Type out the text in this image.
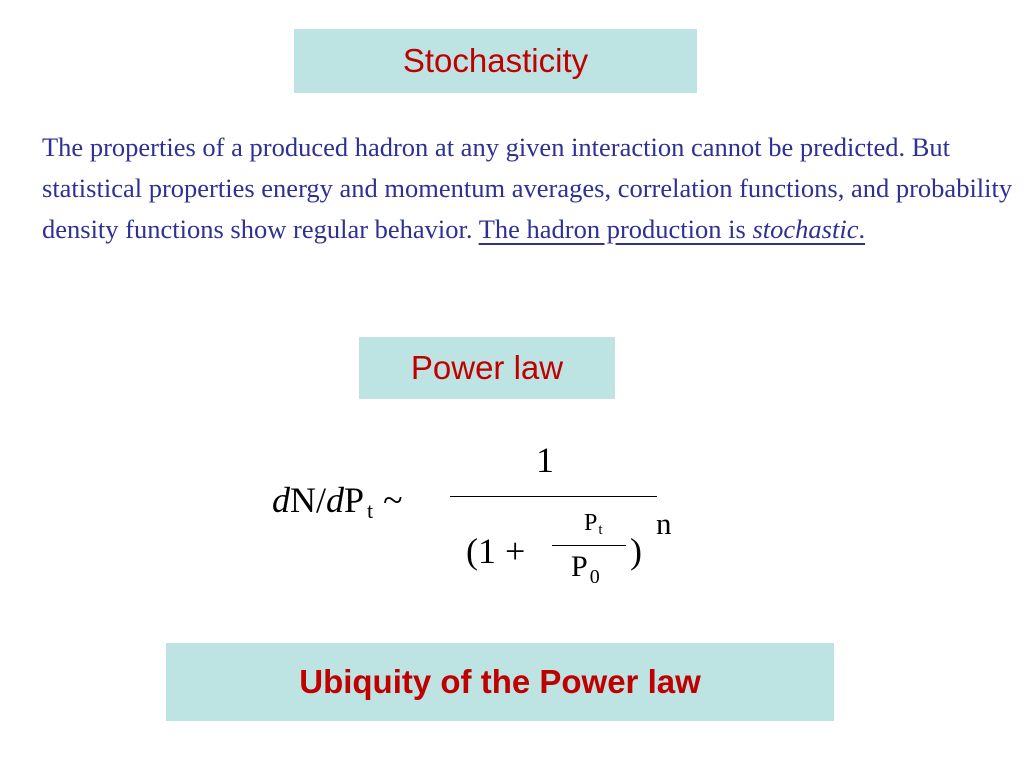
Stochasticity

The properties of a produced hadron at any given interaction cannot be predicted. But statistical properties energy and momentum averages, correlation functions, and probability density functions show regular behavior. The hadron production is stochastic.

Power law
dN/dP t ~
1
(1 +
Pt
P $_0$
)
n
Ubiquity of the Power law
